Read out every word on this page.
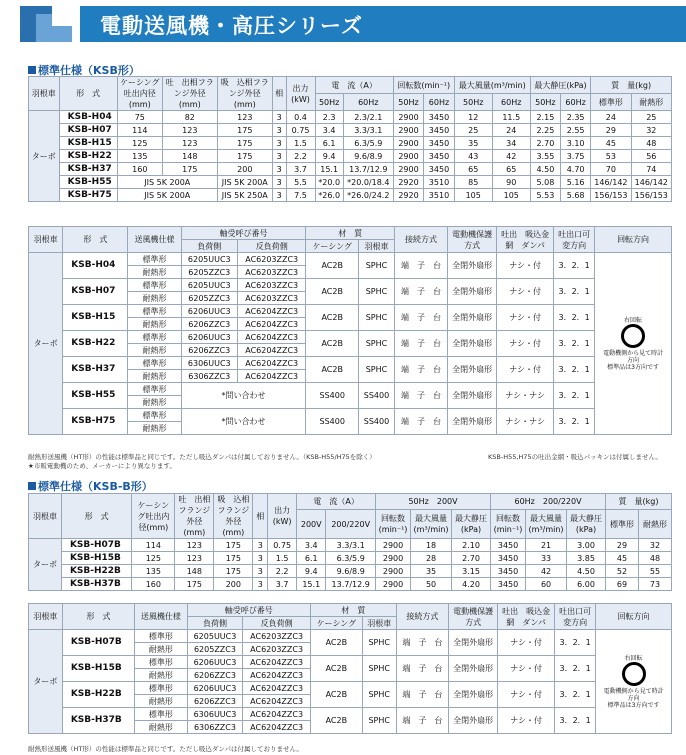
電動送風機・高圧シリーズ
標準仕様（KSB形）
羽根車	形　式	ケーシング吐出内径(mm)	吐　出相フランジ外径(mm)	吸　込相フランジ外径(mm)	相	出力(kW)	電　流（A）		回転数(min⁻¹)		最大風量(m³/min)		最大静圧(kPa)		質　量(kg)	
							50Hz	60Hz	50Hz	60Hz	50Hz	60Hz	50Hz	60Hz	標準形	耐熱形
ターボ	KSB-H04	75	82	123	3	0.4	2.3	2.3/2.1	2900	3450	12	11.5	2.15	2.35	24	25
	KSB-H07	114	123	175	3	0.75	3.4	3.3/3.1	2900	3450	25	24	2.25	2.55	29	32
	KSB-H15	125	123	175	3	1.5	6.1	6.3/5.9	2900	3450	35	34	2.70	3.10	45	48
	KSB-H22	135	148	175	3	2.2	9.4	9.6/8.9	2900	3450	43	42	3.55	3.75	53	56
	KSB-H37	160	175	200	3	3.7	15.1	13.7/12.9	2900	3450	65	65	4.50	4.70	70	74
	KSB-H55	JIS 5K 200A		JIS 5K 200A	3	5.5	*20.0	*20.0/18.4	2920	3510	85	90	5.08	5.16	146/142	146/142
	KSB-H75	JIS 5K 200A		JIS 5K 250A	3	7.5	*26.0	*26.0/24.2	2920	3510	105	105	5.53	5.68	156/153	156/153
羽根車	形　式	送風機仕様	軸受呼び番号		材　質		接続方式	電動機保護方式	吐出　吸込金網　ダンパ	吐出口可変方向	回転方向
			負荷側	反負荷側	ケーシング	羽根車					
ターボ	KSB-H04	標準形	6205UUC3	AC6203ZZC3	AC2B	SPHC	端　子　台	全閉外扇形	ナシ・付	3．2．1	右回転
電動機側から見て時計方向
標準品は3方向です

		耐熱形	6205ZZC3	AC6203ZZC3							
	KSB-H07	標準形	6205UUC3	AC6203ZZC3	AC2B	SPHC	端　子　台	全閉外扇形	ナシ・付	3．2．1	
		耐熱形	6205ZZC3	AC6203ZZC3							
	KSB-H15	標準形	6206UUC3	AC6204ZZC3	AC2B	SPHC	端　子　台	全閉外扇形	ナシ・付	3．2．1	
		耐熱形	6206ZZC3	AC6204ZZC3							
	KSB-H22	標準形	6206UUC3	AC6204ZZC3	AC2B	SPHC	端　子　台	全閉外扇形	ナシ・付	3．2．1	
		耐熱形	6206ZZC3	AC6204ZZC3							
	KSB-H37	標準形	6306UUC3	AC6204ZZC3	AC2B	SPHC	端　子　台	全閉外扇形	ナシ・付	3．2．1	
		耐熱形	6306ZZC3	AC6204ZZC3							
	KSB-H55	標準形	*問い合わせ		SS400	SS400	端　子　台	全閉外扇形	ナシ・ナシ	3．2．1	
		耐熱形									
	KSB-H75	標準形	*問い合わせ		SS400	SS400	端　子　台	全閉外扇形	ナシ・ナシ	3．2．1	
		耐熱形									
耐熱形送風機（HT形）の性能は標準品と同じです。ただし吸込ダンパは付属しておりません。（KSB-H55/H75を除く）
★市販電動機のため、メーカーにより異なります。
KSB-H55,H75の吐出金網・吸込パッキンは付属しません。
標準仕様（KSB-B形）
羽根車	形　式	ケーシング吐出内径(mm)	吐　出相フランジ外径(mm)	吸　込相フランジ外径(mm)	相	出力(kW)	電　流（A）		50Hz　200V			60Hz　200/220V			質　量(kg)	
							200V	200/220V	回転数(min⁻¹)	最大風量(m³/min)	最大静圧(kPa)	回転数(min⁻¹)	最大風量(m³/min)	最大静圧(kPa)	標準形	耐熱形
ターボ	KSB-H07B	114	123	175	3	0.75	3.4	3.3/3.1	2900	18	2.10	3450	21	3.00	29	32
	KSB-H15B	125	123	175	3	1.5	6.1	6.3/5.9	2900	28	2.70	3450	33	3.85	45	48
	KSB-H22B	135	148	175	3	2.2	9.4	9.6/8.9	2900	35	3.15	3450	42	4.50	52	55
	KSB-H37B	160	175	200	3	3.7	15.1	13.7/12.9	2900	50	4.20	3450	60	6.00	69	73
羽根車	形　式	送風機仕様	軸受呼び番号		材　質		接続方式	電動機保護方式	吐出　吸込金網　ダンパ	吐出口可変方向	回転方向
			負荷側	反負荷側	ケーシング	羽根車					
ターボ	KSB-H07B	標準形	6205UUC3	AC6203ZZC3	AC2B	SPHC	端　子　台	全閉外扇形	ナシ・付	3．2．1	右回転
電動機側から見て時計方向
標準品は3方向です

		耐熱形	6205ZZC3	AC6203ZZC3							
	KSB-H15B	標準形	6206UUC3	AC6204ZZC3	AC2B	SPHC	端　子　台	全閉外扇形	ナシ・付	3．2．1	
		耐熱形	6206ZZC3	AC6204ZZC3							
	KSB-H22B	標準形	6206UUC3	AC6204ZZC3	AC2B	SPHC	端　子　台	全閉外扇形	ナシ・付	3．2．1	
		耐熱形	6206ZZC3	AC6204ZZC3							
	KSB-H37B	標準形	6306UUC3	AC6204ZZC3	AC2B	SPHC	端　子　台	全閉外扇形	ナシ・付	3．2．1	
		耐熱形	6306ZZC3	AC6204ZZC3							
耐熱形送風機（HT形）の性能は標準品と同じです。ただし吸込ダンパは付属しておりません。
